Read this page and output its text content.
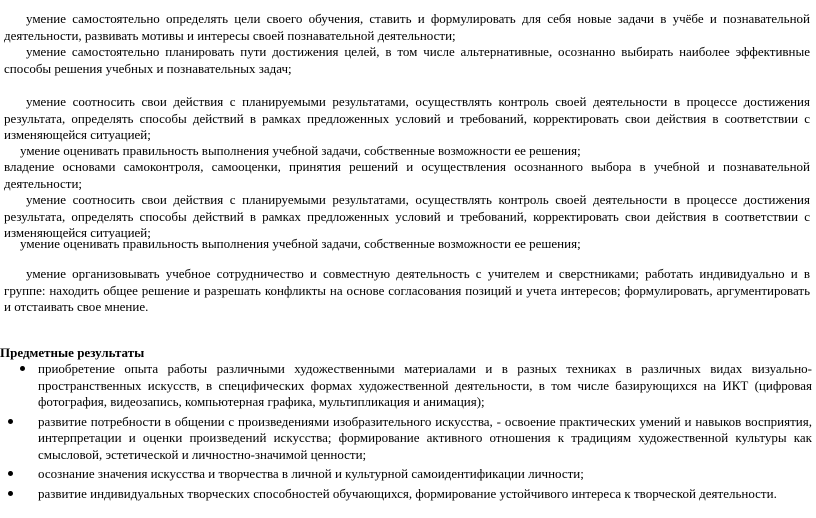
умение самостоятельно определять цели своего обучения, ставить и формулировать для себя новые задачи в учёбе и познавательной деятельности, развивать мотивы и интересы своей познавательной деятельности;

умение самостоятельно планировать пути достижения целей, в том числе альтернативные, осознанно выбирать наиболее эффективные способы решения учебных и познавательных задач;

умение соотносить свои действия с планируемыми результатами, осуществлять контроль своей деятельности в процессе достижения результата, определять способы действий в рамках предложенных условий и требований, корректировать свои действия в соответствии с изменяющейся ситуацией;

умение оценивать правильность выполнения учебной задачи, собственные возможности ее решения;

владение основами самоконтроля, самооценки, принятия решений и осуществления осознанного выбора в учебной и познавательной деятельности;

умение соотносить свои действия с планируемыми результатами, осуществлять контроль своей деятельности в процессе достижения результата, определять способы действий в рамках предложенных условий и требований, корректировать свои действия в соответствии с изменяющейся ситуацией;

умение оценивать правильность выполнения учебной задачи, собственные возможности ее решения;

умение организовывать учебное сотрудничество и совместную деятельность с учителем и сверстниками; работать индивидуально и в группе: находить общее решение и разрешать конфликты на основе согласования позиций и учета интересов; формулировать, аргументировать и отстаивать свое мнение.

Предметные результаты

приобретение опыта работы различными художественными материалами и в разных техниках в различных видах визуально-пространственных искусств, в специфических формах художественной деятельности, в том числе базирующихся на ИКТ (цифровая фотография, видеозапись, компьютерная графика, мультипликация и анимация);
развитие потребности в общении с произведениями изобразительного искусства, - освоение практических умений и навыков восприятия, интерпретации и оценки произведений искусства; формирование активного отношения к традициям художественной культуры как смысловой, эстетической и личностно-значимой ценности;
осознание значения искусства и творчества в личной и культурной самоидентификации личности;
развитие индивидуальных творческих способностей обучающихся, формирование устойчивого интереса к творческой деятельности.
